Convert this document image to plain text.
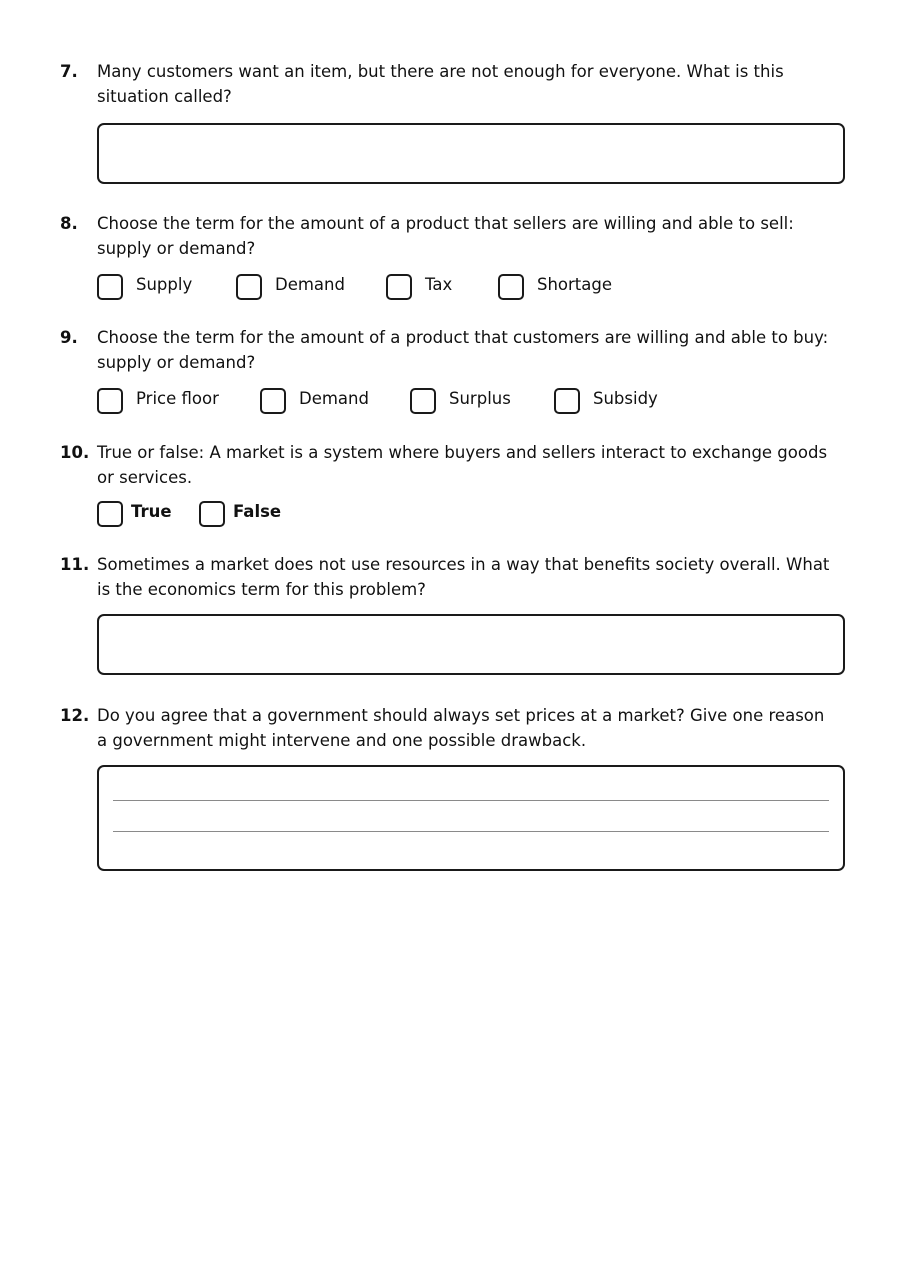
7. Many customers want an item, but there are not enough for everyone. What is this situation called?
8. Choose the term for the amount of a product that sellers are willing and able to sell: supply or demand?
Supply	Demand	Tax	Shortage
9. Choose the term for the amount of a product that customers are willing and able to buy: supply or demand?
Price floor	Demand	Surplus	Subsidy
10. True or false: A market is a system where buyers and sellers interact to exchange goods or services.
True	False
11. Sometimes a market does not use resources in a way that benefits society overall. What is the economics term for this problem?
12. Do you agree that a government should always set prices at a market? Give one reason a government might intervene and one possible drawback.
